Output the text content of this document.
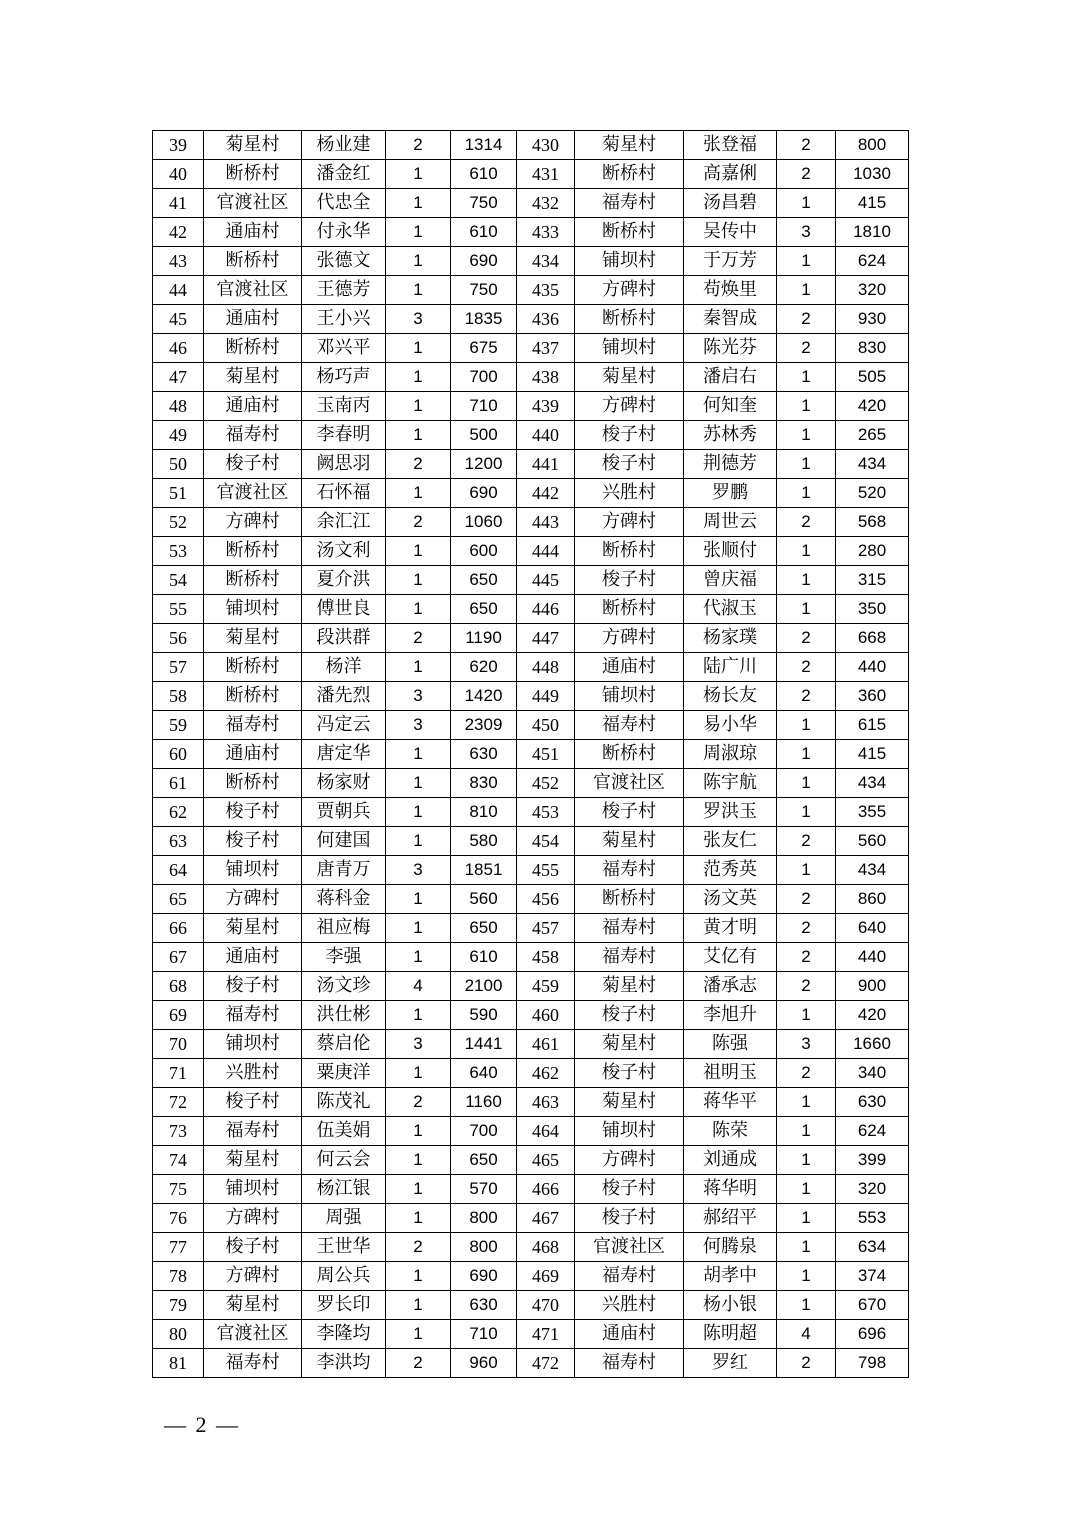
39	菊星村	杨业建	2	1314	430	菊星村	张登福	2	800
40	断桥村	潘金红	1	610	431	断桥村	高嘉俐	2	1030
41	官渡社区	代忠全	1	750	432	福寿村	汤昌碧	1	415
42	通庙村	付永华	1	610	433	断桥村	吴传中	3	1810
43	断桥村	张德文	1	690	434	铺坝村	于万芳	1	624
44	官渡社区	王德芳	1	750	435	方碑村	苟焕里	1	320
45	通庙村	王小兴	3	1835	436	断桥村	秦智成	2	930
46	断桥村	邓兴平	1	675	437	铺坝村	陈光芬	2	830
47	菊星村	杨巧声	1	700	438	菊星村	潘启右	1	505
48	通庙村	玉南丙	1	710	439	方碑村	何知奎	1	420
49	福寿村	李春明	1	500	440	梭子村	苏林秀	1	265
50	梭子村	阙思羽	2	1200	441	梭子村	荆德芳	1	434
51	官渡社区	石怀福	1	690	442	兴胜村	罗鹏	1	520
52	方碑村	余汇江	2	1060	443	方碑村	周世云	2	568
53	断桥村	汤文利	1	600	444	断桥村	张顺付	1	280
54	断桥村	夏介洪	1	650	445	梭子村	曾庆福	1	315
55	铺坝村	傅世良	1	650	446	断桥村	代淑玉	1	350
56	菊星村	段洪群	2	1190	447	方碑村	杨家璞	2	668
57	断桥村	杨洋	1	620	448	通庙村	陆广川	2	440
58	断桥村	潘先烈	3	1420	449	铺坝村	杨长友	2	360
59	福寿村	冯定云	3	2309	450	福寿村	易小华	1	615
60	通庙村	唐定华	1	630	451	断桥村	周淑琼	1	415
61	断桥村	杨家财	1	830	452	官渡社区	陈宇航	1	434
62	梭子村	贾朝兵	1	810	453	梭子村	罗洪玉	1	355
63	梭子村	何建国	1	580	454	菊星村	张友仁	2	560
64	铺坝村	唐青万	3	1851	455	福寿村	范秀英	1	434
65	方碑村	蒋科金	1	560	456	断桥村	汤文英	2	860
66	菊星村	祖应梅	1	650	457	福寿村	黄才明	2	640
67	通庙村	李强	1	610	458	福寿村	艾亿有	2	440
68	梭子村	汤文珍	4	2100	459	菊星村	潘承志	2	900
69	福寿村	洪仕彬	1	590	460	梭子村	李旭升	1	420
70	铺坝村	蔡启伦	3	1441	461	菊星村	陈强	3	1660
71	兴胜村	粟庚洋	1	640	462	梭子村	祖明玉	2	340
72	梭子村	陈茂礼	2	1160	463	菊星村	蒋华平	1	630
73	福寿村	伍美娟	1	700	464	铺坝村	陈荣	1	624
74	菊星村	何云会	1	650	465	方碑村	刘通成	1	399
75	铺坝村	杨江银	1	570	466	梭子村	蒋华明	1	320
76	方碑村	周强	1	800	467	梭子村	郝绍平	1	553
77	梭子村	王世华	2	800	468	官渡社区	何腾泉	1	634
78	方碑村	周公兵	1	690	469	福寿村	胡孝中	1	374
79	菊星村	罗长印	1	630	470	兴胜村	杨小银	1	670
80	官渡社区	李隆均	1	710	471	通庙村	陈明超	4	696
81	福寿村	李洪均	2	960	472	福寿村	罗红	2	798
— 2 —
